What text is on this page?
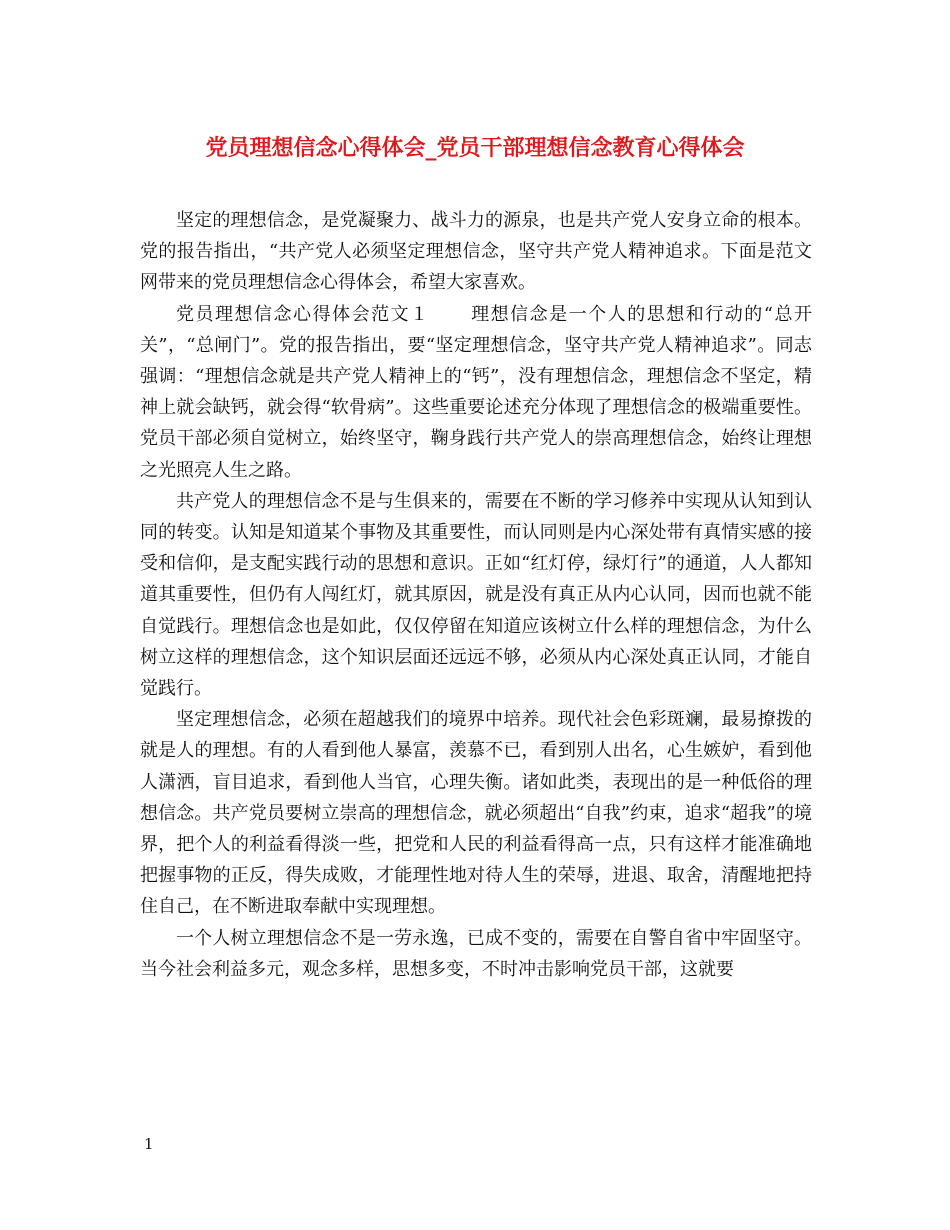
党员理想信念心得体会_党员干部理想信念教育心得体会

坚定的理想信念，是党凝聚力、战斗力的源泉，也是共产党人安身立命的根本。党的报告指出，“共产党人必须坚定理想信念，坚守共产党人精神追求。下面是范文网带来的党员理想信念心得体会，希望大家喜欢。

党员理想信念心得体会范文１ 理想信念是一个人的思想和行动的“总开关”，“总闸门”。党的报告指出，要“坚定理想信念，坚守共产党人精神追求”。同志强调：“理想信念就是共产党人精神上的“钙”，没有理想信念，理想信念不坚定，精神上就会缺钙，就会得“软骨病”。这些重要论述充分体现了理想信念的极端重要性。党员干部必须自觉树立，始终坚守，鞠身践行共产党人的崇高理想信念，始终让理想之光照亮人生之路。

共产党人的理想信念不是与生俱来的，需要在不断的学习修养中实现从认知到认同的转变。认知是知道某个事物及其重要性，而认同则是内心深处带有真情实感的接受和信仰，是支配实践行动的思想和意识。正如“红灯停，绿灯行”的通道，人人都知道其重要性，但仍有人闯红灯，就其原因，就是没有真正从内心认同，因而也就不能自觉践行。理想信念也是如此，仅仅停留在知道应该树立什么样的理想信念，为什么树立这样的理想信念，这个知识层面还远远不够，必须从内心深处真正认同，才能自觉践行。

坚定理想信念，必须在超越我们的境界中培养。现代社会色彩斑斓，最易撩拨的就是人的理想。有的人看到他人暴富，羡慕不已，看到别人出名，心生嫉妒，看到他人潇洒，盲目追求，看到他人当官，心理失衡。诸如此类，表现出的是一种低俗的理想信念。共产党员要树立崇高的理想信念，就必须超出“自我”约束，追求“超我”的境界，把个人的利益看得淡一些，把党和人民的利益看得高一点，只有这样才能准确地把握事物的正反，得失成败，才能理性地对待人生的荣辱，进退、取舍，清醒地把持住自己，在不断进取奉献中实现理想。

一个人树立理想信念不是一劳永逸，已成不变的，需要在自警自省中牢固坚守。当今社会利益多元，观念多样，思想多变，不时冲击影响党员干部，这就要

1
